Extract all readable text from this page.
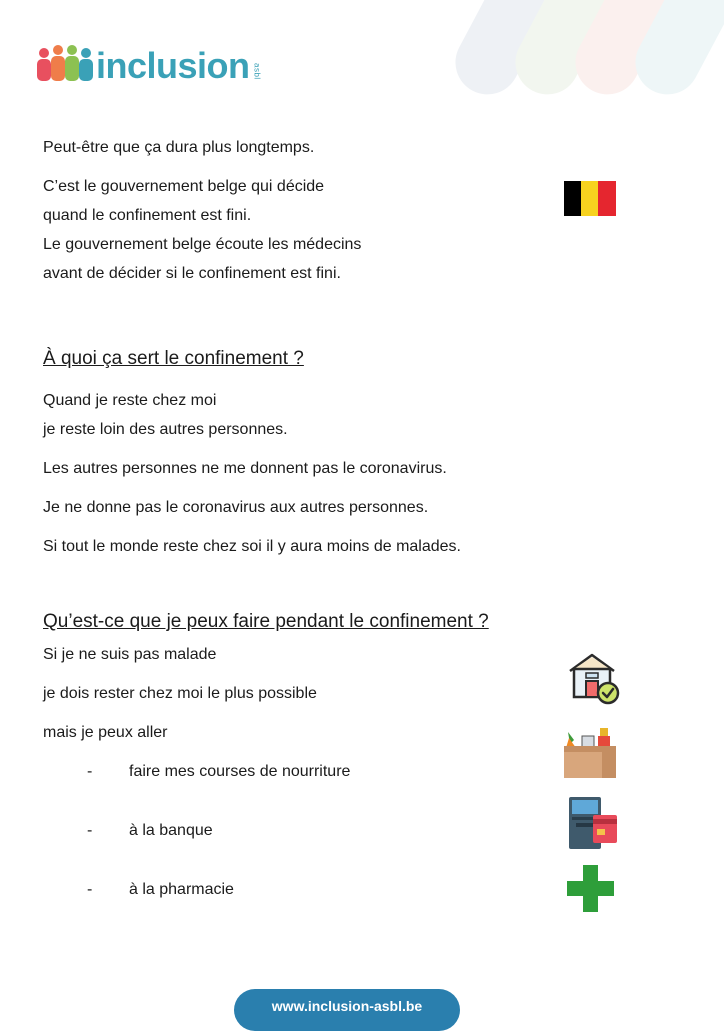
inclusion asbl
Peut-être que ça dura plus longtemps.
C’est le gouvernement belge qui décide
quand le confinement est fini.
Le gouvernement belge écoute les médecins
avant de décider si le confinement est fini.
À quoi ça sert le confinement ?
Quand je reste chez moi
je reste loin des autres personnes.
Les autres personnes ne me donnent pas le coronavirus.
Je ne donne pas le coronavirus aux autres personnes.
Si tout le monde reste chez soi il y aura moins de malades.
Qu’est-ce que je peux faire pendant le confinement ?
Si je ne suis pas malade
je dois rester chez moi le plus possible
mais je peux aller
- faire mes courses de nourriture
- à la banque
- à la pharmacie
www.inclusion-asbl.be
